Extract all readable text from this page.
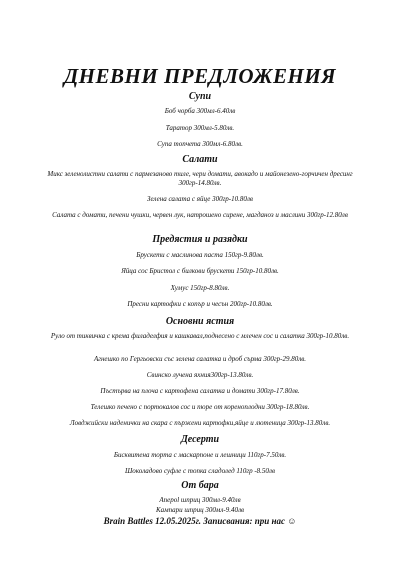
ДНЕВНИ ПРЕДЛОЖЕНИЯ
Супи
Боб чорба 300мл-6.40лв
Таратор 300мл-5.80лв.
Супа топчета 300мл-6.80лв.
Салати
Микс зеленолистни салати с пармезаново тиле, чери домати, авокадо и майонезено-горчичен дресинг 300гр-14.80лв.
Зелена салата с яйце 300гр-10.80лв
Салата с домати, печени чушки, червен лук, натрошено сирене, магданоз и маслини 300гр-12.80лв
Предястия и разядки
Брускети с маслинова паста 150гр-9.80лв.
Яйца сос Бристол с билкови брускети 150гр-10.80лв.
Хумус 150гр-8.80лв.
Пресни картофки с копър и чесън 200гр-10.80лв.
Основни ястия
Руло от тиквичка с крема филаделфия и кашкавал,поднесено с млечен сос и салатка 300гр-10.80лв.
Агнешко по Гергьовски със зелена салатка и дроб сърма 300гр-29.80лв.
Свинско лучена яхния300гр-13.80лв.
Пъстърва на плоча с картофена салатка и домати 300гр-17.80лв.
Телешко печено с портокалов сос и пюре от кореноплодни 300гр-18.80лв.
Ловджийски наденички на скара с пържени картофки,яйце и лютеница 300гр-13.80лв.
Десерти
Бисквитена торта с маскарпоне и лешници 110гр-7.50лв.
Шоколадово суфле с топка сладолед 110гр -8.50лв
От бара
Апероl шприц 300мл-9.40лв
Кампари шприц 300мл-9.40лв
Brain Battles 12.05.2025г. Записвания: при нас ☺
